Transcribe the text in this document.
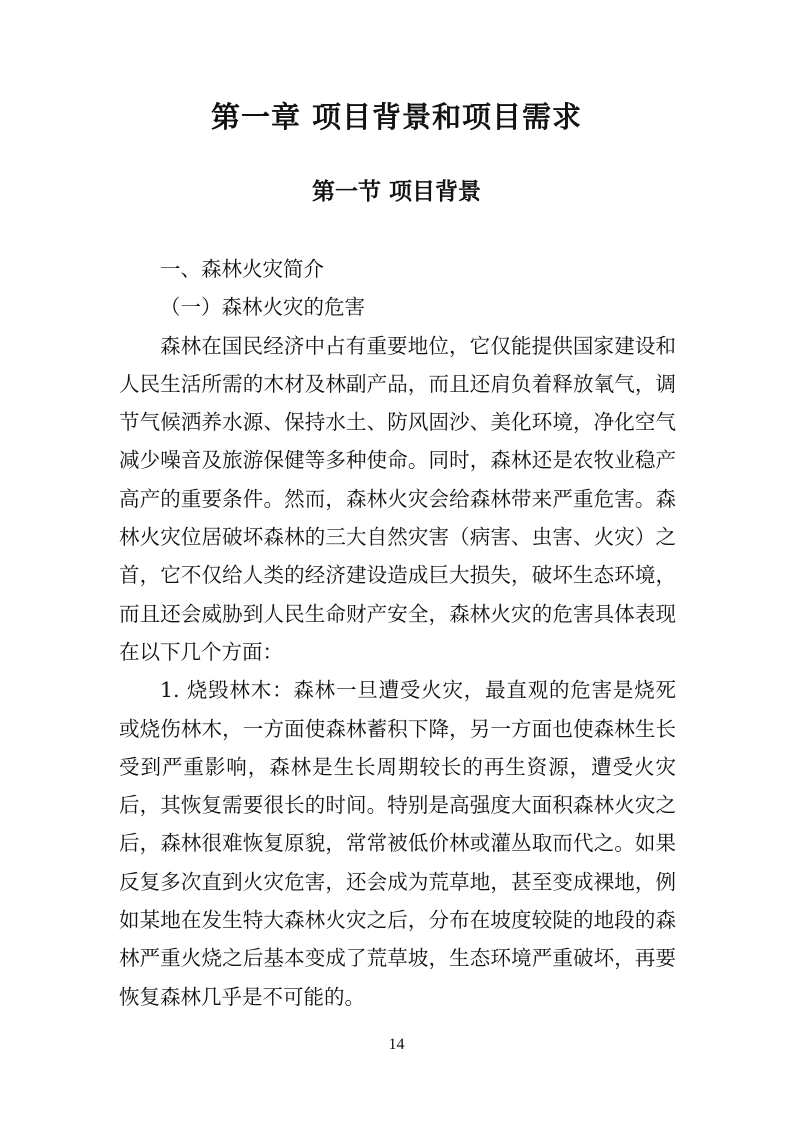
第一章 项目背景和项目需求
第一节 项目背景

一、森林火灾简介

（一）森林火灾的危害

森林在国民经济中占有重要地位，它仅能提供国家建设和人民生活所需的木材及林副产品，而且还肩负着释放氧气，调节气候洒养水源、保持水土、防风固沙、美化环境，净化空气减少噪音及旅游保健等多种使命。同时，森林还是农牧业稳产高产的重要条件。然而，森林火灾会给森林带来严重危害。森林火灾位居破坏森林的三大自然灾害（病害、虫害、火灾）之首，它不仅给人类的经济建设造成巨大损失，破坏生态环境，而且还会威胁到人民生命财产安全，森林火灾的危害具体表现在以下几个方面：

1. 烧毁林木：森林一旦遭受火灾，最直观的危害是烧死或烧伤林木，一方面使森林蓄积下降，另一方面也使森林生长受到严重影响，森林是生长周期较长的再生资源，遭受火灾后，其恢复需要很长的时间。特别是高强度大面积森林火灾之后，森林很难恢复原貌，常常被低价林或灌丛取而代之。如果反复多次直到火灾危害，还会成为荒草地，甚至变成裸地，例如某地在发生特大森林火灾之后，分布在坡度较陡的地段的森林严重火烧之后基本变成了荒草坡，生态环境严重破坏，再要恢复森林几乎是不可能的。

14
